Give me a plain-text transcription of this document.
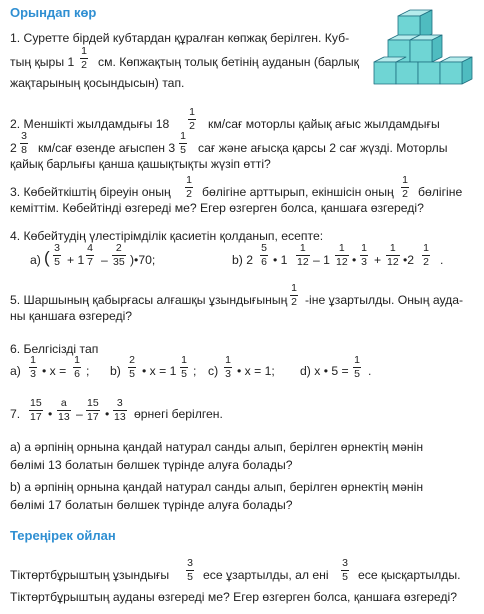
Орындап көр
1. Суретте бірдей кубтардан құралған көпжақ берілген. Куб-
тың қыры 1
1
2 см. Көпжақтың толық бетінің ауданын (барлық
жақтарының қосындысын) тап.
2. Меншікті жылдамдығы 18
1
2 км/сағ моторлы қайық ағыс жылдамдығы
2
3
8 км/сағ өзенде ағыспен 3
1
5 сағ және ағысқа қарсы 2 сағ жүзді. Моторлы
қайық барлығы қанша қашықтықты жүзіп өтті?
3. Көбейткіштің біреуін оның
1
2 бөлігіне арттырып, екіншісін оның
1
2 бөлігіне
кеміттім. Көбейтінді өзгереді ме? Егер өзгерген болса, қаншаға өзгереді?
4. Көбейтудің үлестірімділік қасиетін қолданып, есепте:
а) ( 3
5 + 1
4
7 –
2
35 )•70;	b) 2
5
6 • 1
1
12 – 1
1
12 •
1
3 +
1
12 •2
1
2 .
5. Шаршының қабырғасы алғашқы ұзындығының
1
2 -іне ұзартылды. Оның ауда-
ны қаншаға өзгереді?
6. Белгісізді тап
а)
1
3 • x =
1
6 ; b)
2
5 • x = 1
1
5 ; c)
1
3 • x = 1; d) x • 5 =
1
5 .
7.
15
17 •
a
13 –
15
17 •
3
13 өрнегі берілген.
а) a әрпінің орнына қандай натурал санды алып, берілген өрнектің мәнін
бөлімі 13 болатын бөлшек түрінде алуға болады?
b) a әрпінің орнына қандай натурал санды алып, берілген өрнектің мәнін
бөлімі 17 болатын бөлшек түрінде алуға болады?
Тереңірек ойлан
Тіктөртбұрыштың ұзындығы
3
5 есе ұзартылды, ал ені
3
5 есе қысқартылды.
Тіктөртбұрыштың ауданы өзгереді ме? Егер өзгерген болса, қаншаға өзгереді?
